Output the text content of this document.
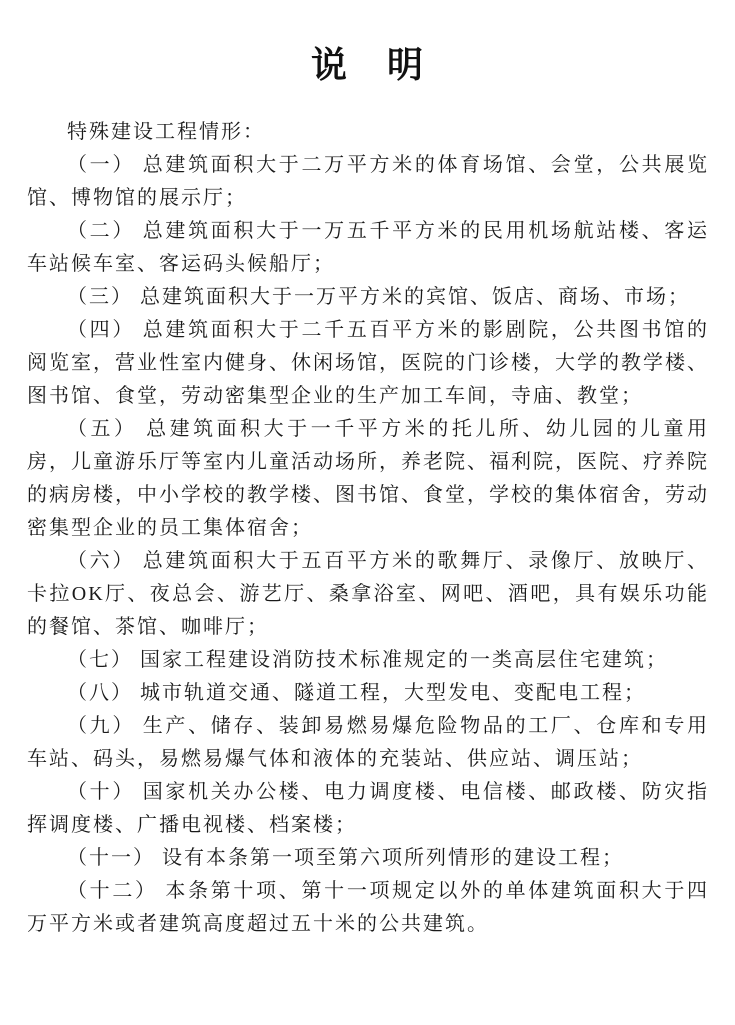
说　明

特殊建设工程情形：

（一） 总建筑面积大于二万平方米的体育场馆、会堂，公共展览馆、博物馆的展示厅；

（二） 总建筑面积大于一万五千平方米的民用机场航站楼、客运车站候车室、客运码头候船厅；

（三） 总建筑面积大于一万平方米的宾馆、饭店、商场、市场；

（四） 总建筑面积大于二千五百平方米的影剧院，公共图书馆的阅览室，营业性室内健身、休闲场馆，医院的门诊楼，大学的教学楼、图书馆、食堂，劳动密集型企业的生产加工车间，寺庙、教堂；

（五） 总建筑面积大于一千平方米的托儿所、幼儿园的儿童用房，儿童游乐厅等室内儿童活动场所，养老院、福利院，医院、疗养院的病房楼，中小学校的教学楼、图书馆、食堂，学校的集体宿舍，劳动密集型企业的员工集体宿舍；

（六） 总建筑面积大于五百平方米的歌舞厅、录像厅、放映厅、卡拉OK厅、夜总会、游艺厅、桑拿浴室、网吧、酒吧，具有娱乐功能的餐馆、茶馆、咖啡厅；

（七） 国家工程建设消防技术标准规定的一类高层住宅建筑；

（八） 城市轨道交通、隧道工程，大型发电、变配电工程；

（九） 生产、储存、装卸易燃易爆危险物品的工厂、仓库和专用车站、码头，易燃易爆气体和液体的充装站、供应站、调压站；

（十） 国家机关办公楼、电力调度楼、电信楼、邮政楼、防灾指挥调度楼、广播电视楼、档案楼；

（十一） 设有本条第一项至第六项所列情形的建设工程；

（十二） 本条第十项、第十一项规定以外的单体建筑面积大于四万平方米或者建筑高度超过五十米的公共建筑。
